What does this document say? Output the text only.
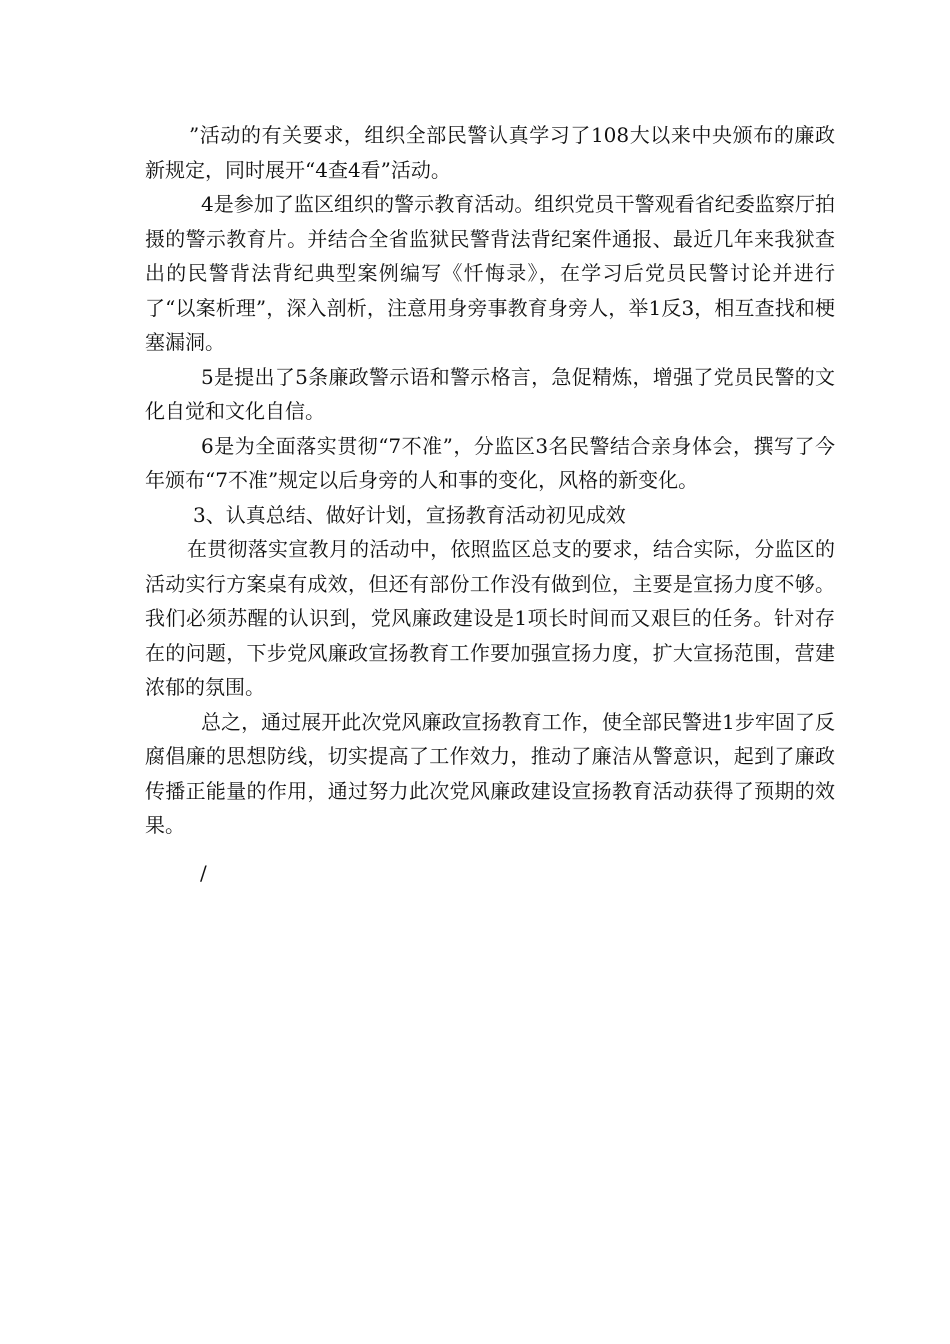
”活动的有关要求，组织全部民警认真学习了108大以来中央颁布的廉政新规定，同时展开“4查4看”活动。

4是参加了监区组织的警示教育活动。组织党员干警观看省纪委监察厅拍摄的警示教育片。并结合全省监狱民警背法背纪案件通报、最近几年来我狱查出的民警背法背纪典型案例编写《忏悔录》，在学习后党员民警讨论并进行了“以案析理”，深入剖析，注意用身旁事教育身旁人，举1反3，相互查找和梗塞漏洞。

5是提出了5条廉政警示语和警示格言，急促精炼，增强了党员民警的文化自觉和文化自信。

6是为全面落实贯彻“7不准”，分监区3名民警结合亲身体会，撰写了今年颁布“7不准”规定以后身旁的人和事的变化，风格的新变化。

3、认真总结、做好计划，宣扬教育活动初见成效

在贯彻落实宣教月的活动中，依照监区总支的要求，结合实际，分监区的活动实行方案桌有成效，但还有部份工作没有做到位，主要是宣扬力度不够。我们必须苏醒的认识到，党风廉政建设是1项长时间而又艰巨的任务。针对存在的问题，下步党风廉政宣扬教育工作要加强宣扬力度，扩大宣扬范围，营建浓郁的氛围。

总之，通过展开此次党风廉政宣扬教育工作，使全部民警进1步牢固了反腐倡廉的思想防线，切实提高了工作效力，推动了廉洁从警意识，起到了廉政传播正能量的作用，通过努力此次党风廉政建设宣扬教育活动获得了预期的效果。

/
